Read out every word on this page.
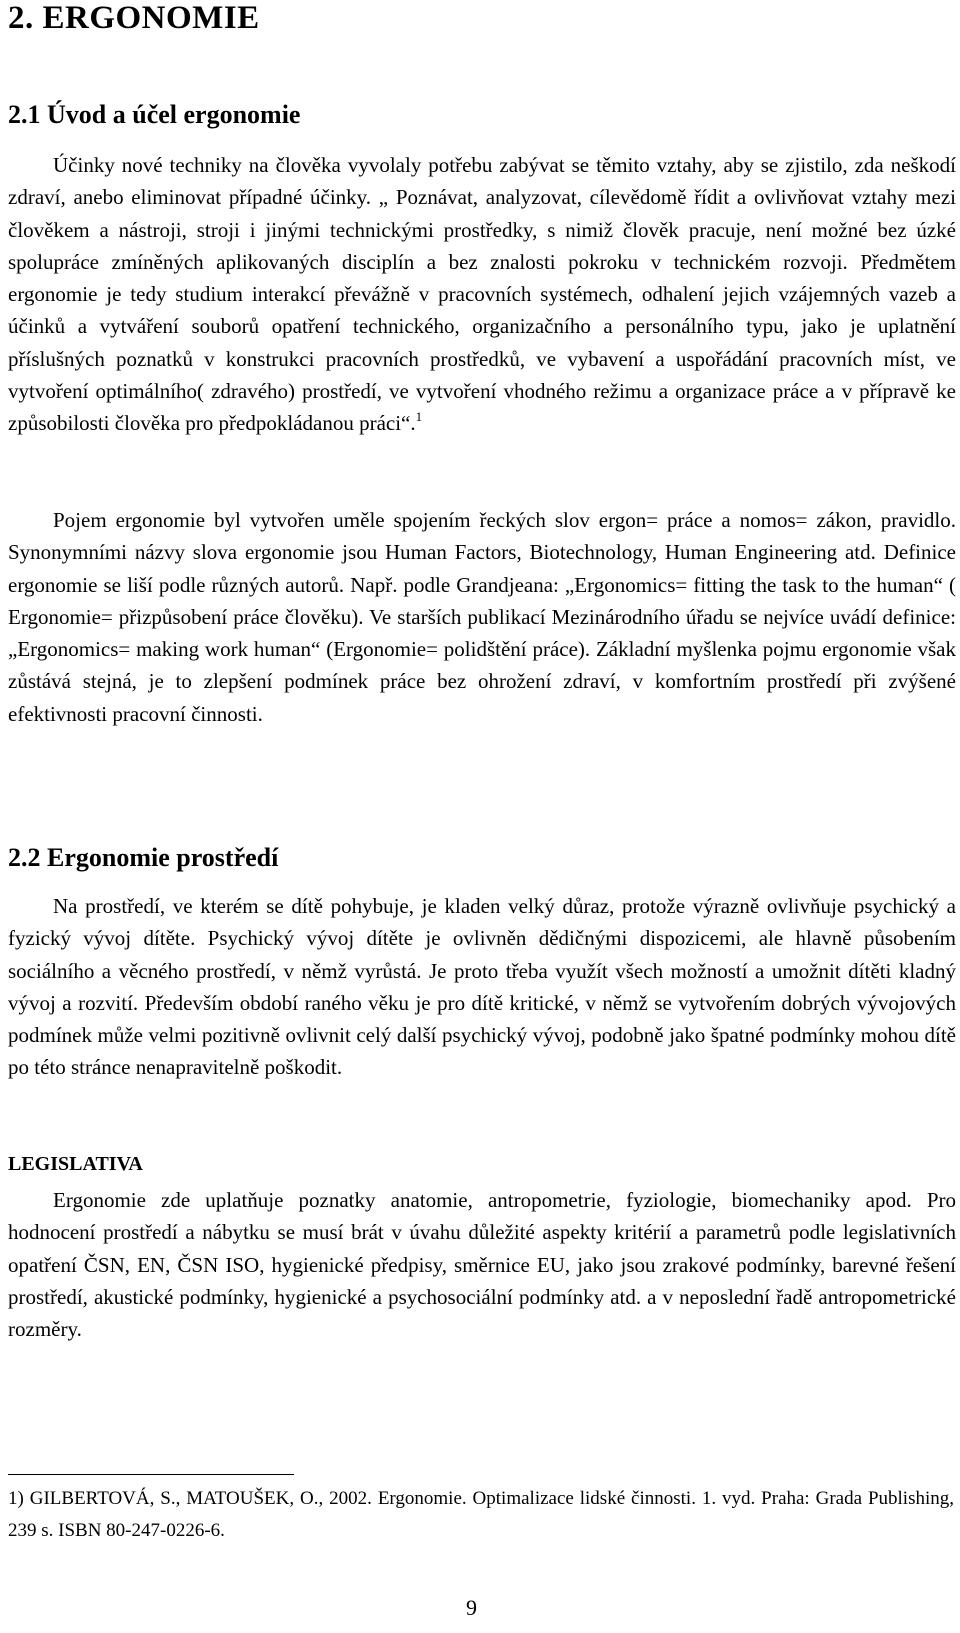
2. ERGONOMIE
2.1 Úvod a účel ergonomie

Účinky nové techniky na člověka vyvolaly potřebu zabývat se těmito vztahy, aby se zjistilo, zda neškodí zdraví, anebo eliminovat případné účinky. „ Poznávat, analyzovat, cílevědomě řídit a ovlivňovat vztahy mezi člověkem a nástroji, stroji i jinými technickými prostředky, s nimiž člověk pracuje, není možné bez úzké spolupráce zmíněných aplikovaných disciplín a bez znalosti pokroku v technickém rozvoji. Předmětem ergonomie je tedy studium interakcí převážně v pracovních systémech, odhalení jejich vzájemných vazeb a účinků a vytváření souborů opatření technického, organizačního a personálního typu, jako je uplatnění příslušných poznatků v konstrukci pracovních prostředků, ve vybavení a uspořádání pracovních míst, ve vytvoření optimálního( zdravého) prostředí, ve vytvoření vhodného režimu a organizace práce a v přípravě ke způsobilosti člověka pro předpokládanou práci“.$^1$

Pojem ergonomie byl vytvořen uměle spojením řeckých slov ergon= práce a nomos= zákon, pravidlo. Synonymními názvy slova ergonomie jsou Human Factors, Biotechnology, Human Engineering atd. Definice ergonomie se liší podle různých autorů. Např. podle Grandjeana: „Ergonomics= fitting the task to the human“ ( Ergonomie= přizpůsobení práce člověku). Ve starších publikací Mezinárodního úřadu se nejvíce uvádí definice: „Ergonomics= making work human“ (Ergonomie= polidštění práce). Základní myšlenka pojmu ergonomie však zůstává stejná, je to zlepšení podmínek práce bez ohrožení zdraví, v komfortním prostředí při zvýšené efektivnosti pracovní činnosti.

2.2 Ergonomie prostředí

Na prostředí, ve kterém se dítě pohybuje, je kladen velký důraz, protože výrazně ovlivňuje psychický a fyzický vývoj dítěte. Psychický vývoj dítěte je ovlivněn dědičnými dispozicemi, ale hlavně působením sociálního a věcného prostředí, v němž vyrůstá. Je proto třeba využít všech možností a umožnit dítěti kladný vývoj a rozvití. Především období raného věku je pro dítě kritické, v němž se vytvořením dobrých vývojových podmínek může velmi pozitivně ovlivnit celý další psychický vývoj, podobně jako špatné podmínky mohou dítě po této stránce nenapravitelně poškodit.

LEGISLATIVA

Ergonomie zde uplatňuje poznatky anatomie, antropometrie, fyziologie, biomechaniky apod. Pro hodnocení prostředí a nábytku se musí brát v úvahu důležité aspekty kritérií a parametrů podle legislativních opatření ČSN, EN, ČSN ISO, hygienické předpisy, směrnice EU, jako jsou zrakové podmínky, barevné řešení prostředí, akustické podmínky, hygienické a psychosociální podmínky atd. a v neposlední řadě antropometrické rozměry.

1) GILBERTOVÁ, S., MATOUŠEK, O., 2002. Ergonomie. Optimalizace lidské činnosti. 1. vyd. Praha: Grada Publishing, 239 s. ISBN 80-247-0226-6.

9
